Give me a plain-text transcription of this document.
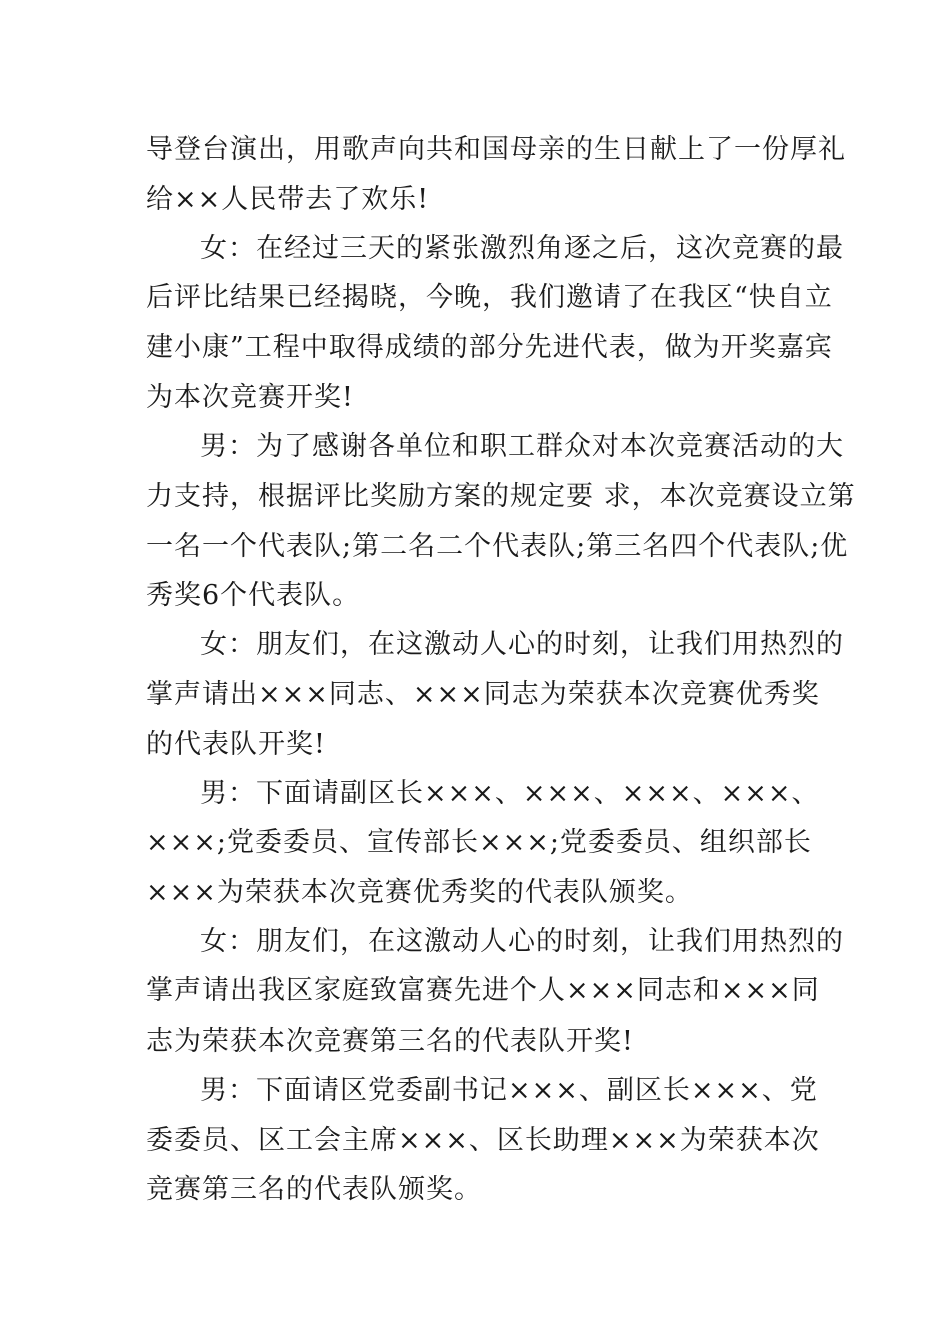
导登台演出，用歌声向共和国母亲的生日献上了一份厚礼
给××人民带去了欢乐!
女：在经过三天的紧张激烈角逐之后，这次竞赛的最
后评比结果已经揭晓，今晚，我们邀请了在我区“快自立
建小康”工程中取得成绩的部分先进代表，做为开奖嘉宾
为本次竞赛开奖!
男：为了感谢各单位和职工群众对本次竞赛活动的大
力支持，根据评比奖励方案的规定要 求，本次竞赛设立第
一名一个代表队;第二名二个代表队;第三名四个代表队;优
秀奖6个代表队。
女：朋友们，在这激动人心的时刻，让我们用热烈的
掌声请出×××同志、×××同志为荣获本次竞赛优秀奖
的代表队开奖!
男：下面请副区长×××、×××、×××、×××、
×××;党委委员、宣传部长×××;党委委员、组织部长
×××为荣获本次竞赛优秀奖的代表队颁奖。
女：朋友们，在这激动人心的时刻，让我们用热烈的
掌声请出我区家庭致富赛先进个人×××同志和×××同
志为荣获本次竞赛第三名的代表队开奖!
男：下面请区党委副书记×××、副区长×××、党
委委员、区工会主席×××、区长助理×××为荣获本次
竞赛第三名的代表队颁奖。
